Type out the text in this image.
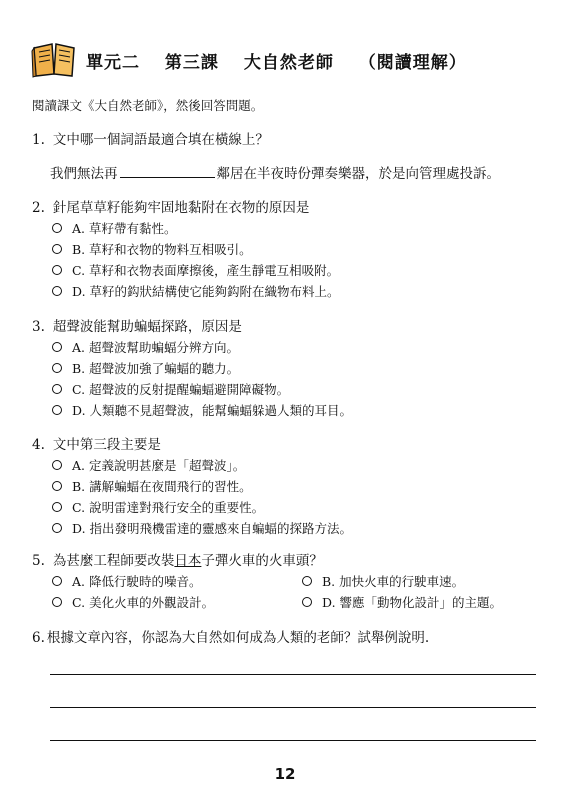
單元二 第三課 大自然老師 （閱讀理解）
閱讀課文《大自然老師》，然後回答問題。
1. 文中哪一個詞語最適合填在橫線上？
我們無法再	鄰居在半夜時份彈奏樂器，於是向管理處投訴。
2. 針尾草草籽能夠牢固地黏附在衣物的原因是
A. 草籽帶有黏性。
B. 草籽和衣物的物料互相吸引。
C. 草籽和衣物表面摩擦後，產生靜電互相吸附。
D. 草籽的鈎狀結構使它能夠鈎附在織物布料上。
3. 超聲波能幫助蝙蝠探路，原因是
A. 超聲波幫助蝙蝠分辨方向。
B. 超聲波加強了蝙蝠的聽力。
C. 超聲波的反射提醒蝙蝠避開障礙物。
D. 人類聽不見超聲波，能幫蝙蝠躲過人類的耳目。
4. 文中第三段主要是
A. 定義說明甚麼是「超聲波」。
B. 講解蝙蝠在夜間飛行的習性。
C. 說明雷達對飛行安全的重要性。
D. 指出發明飛機雷達的靈感來自蝙蝠的探路方法。
5. 為甚麼工程師要改裝日本子彈火車的火車頭？
A. 降低行駛時的噪音。	B. 加快火車的行駛車速。
C. 美化火車的外觀設計。	D. 響應「動物化設計」的主題。
6. 根據文章內容，你認為大自然如何成為人類的老師？試舉例說明.
12
